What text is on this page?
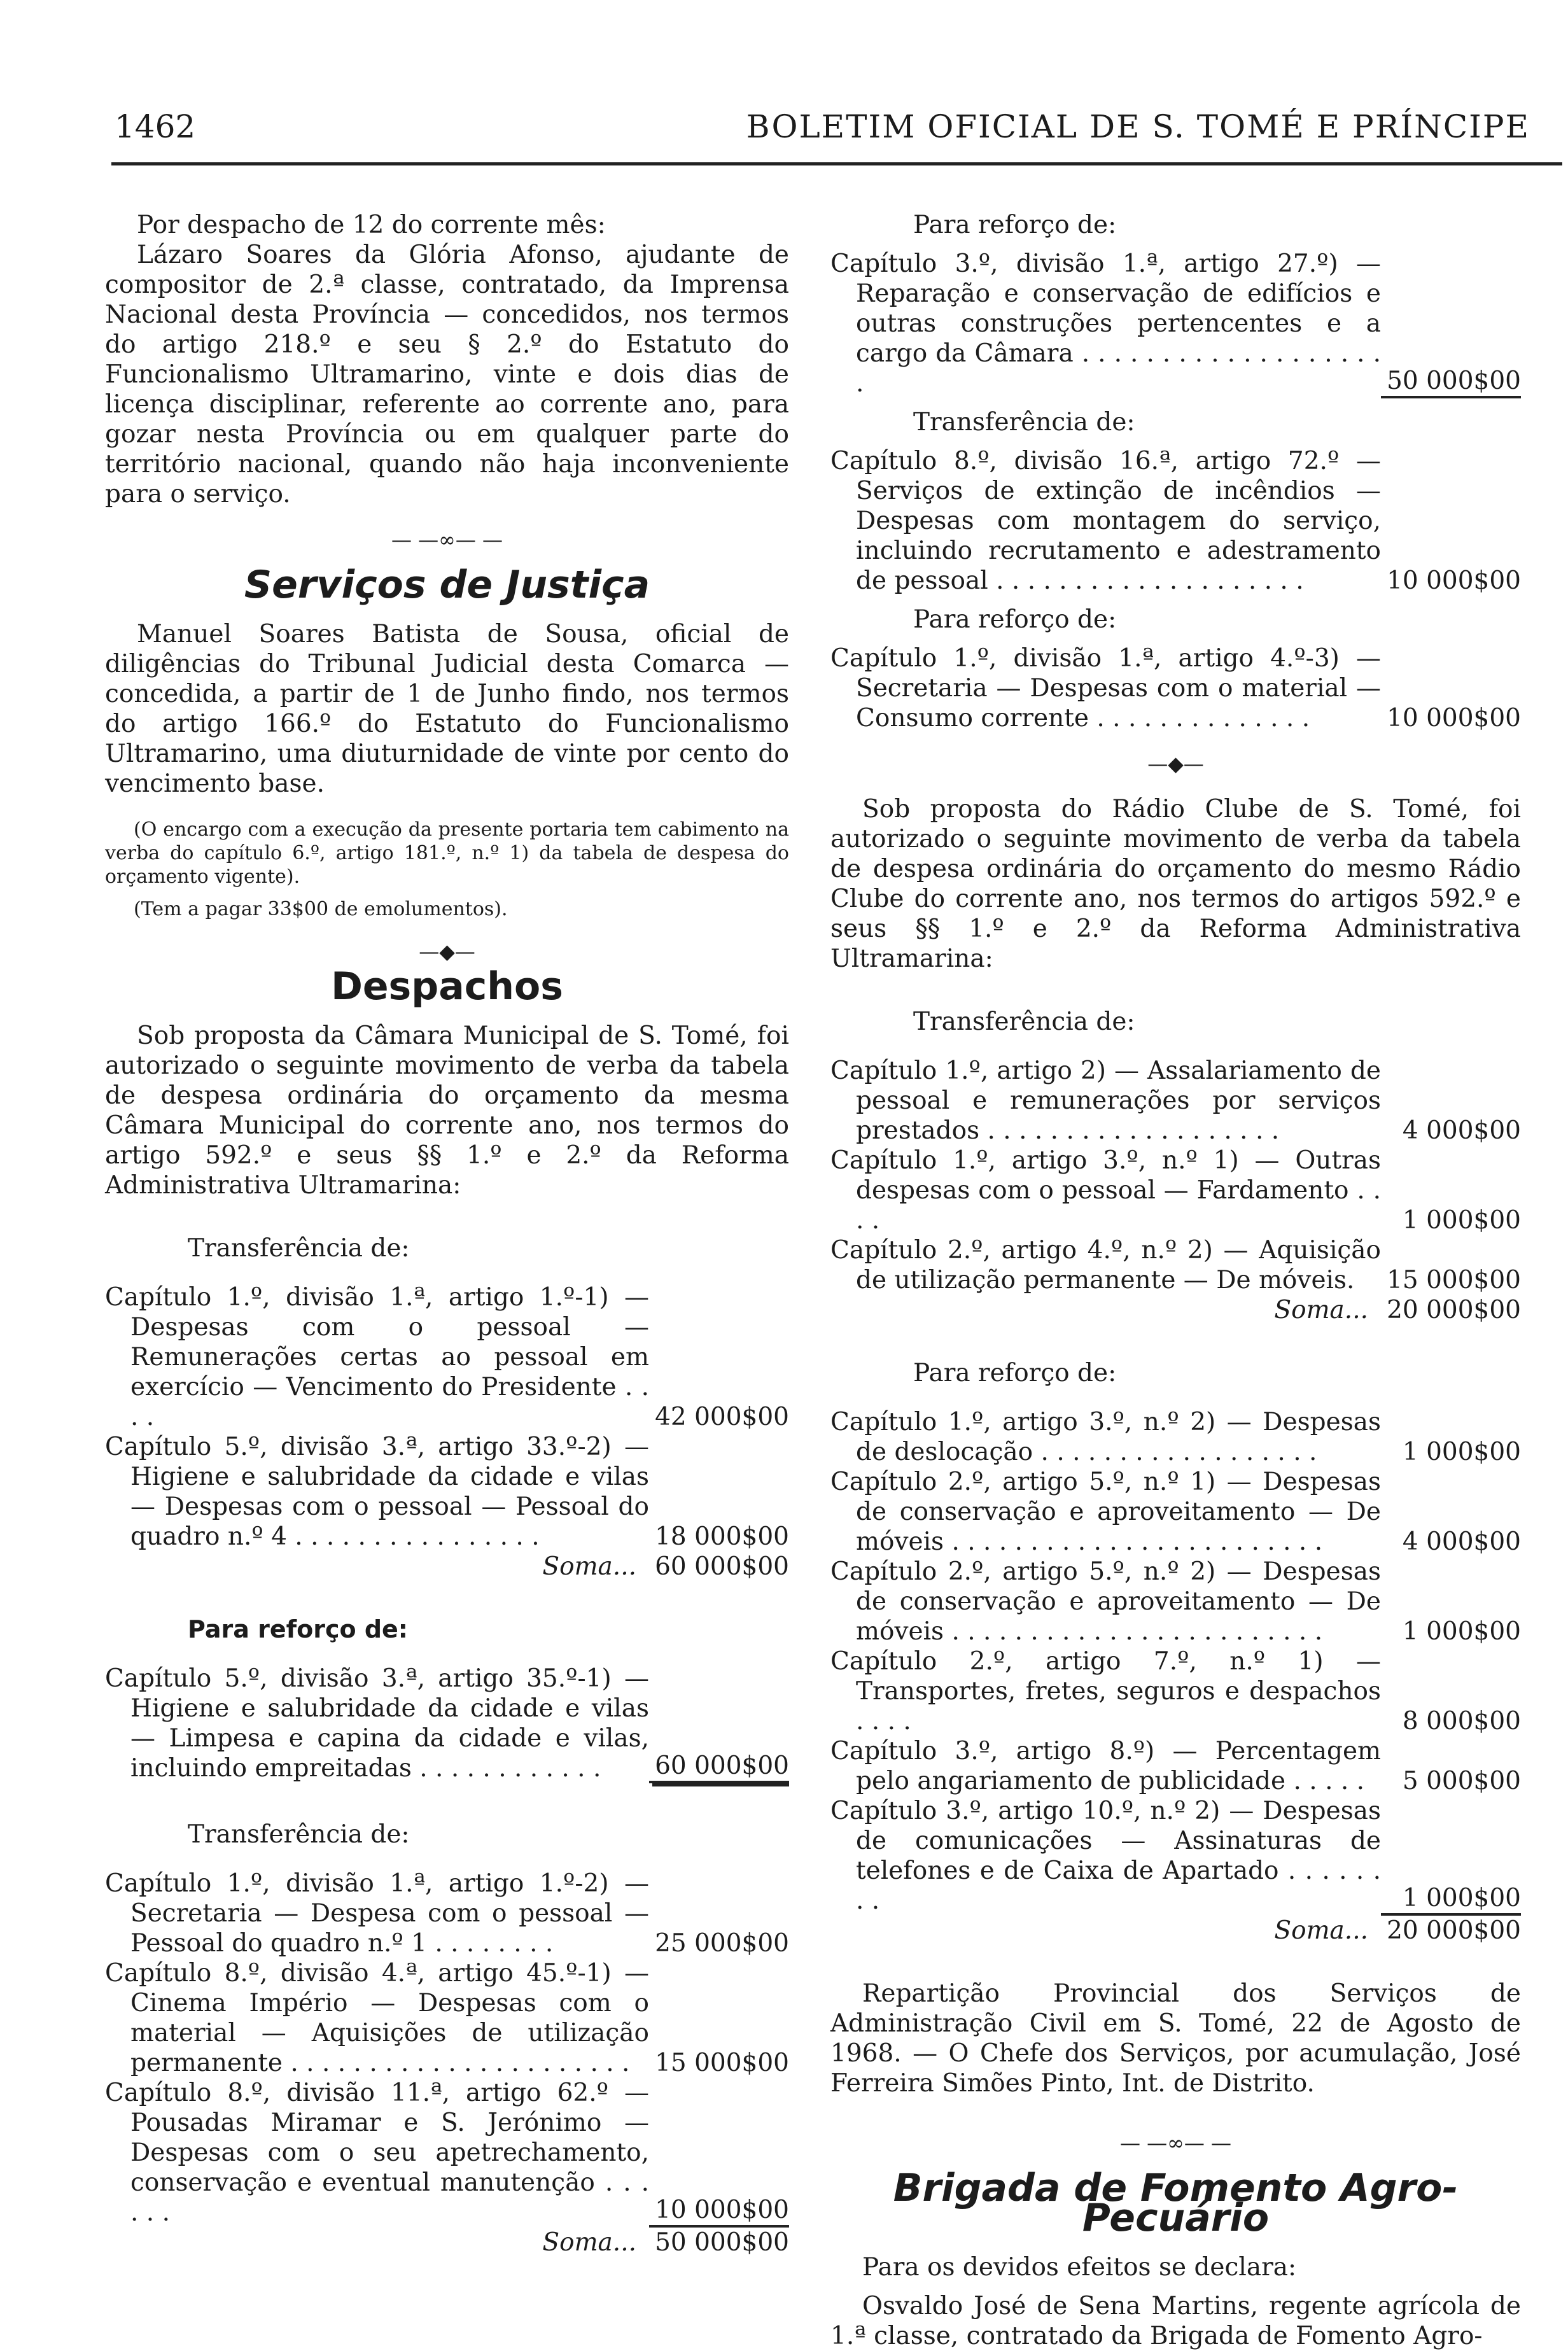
1462	BOLETIM OFICIAL DE S. TOMÉ E PRÍNCIPE

Por despacho de 12 do corrente mês:

Lázaro Soares da Glória Afonso, ajudante de compositor de 2.ª classe, contratado, da Imprensa Nacional desta Província — concedidos, nos termos do artigo 218.º e seu § 2.º do Estatuto do Funcionalismo Ultramarino, vinte e dois dias de licença disciplinar, referente ao corrente ano, para gozar nesta Província ou em qualquer parte do território nacional, quando não haja inconveniente para o serviço.

— —∞— —
Serviços de Justiça

Manuel Soares Batista de Sousa, oficial de diligências do Tribunal Judicial desta Comarca — concedida, a partir de 1 de Junho findo, nos termos do artigo 166.º do Estatuto do Funcionalismo Ultramarino, uma diuturnidade de vinte por cento do vencimento base.

(O encargo com a execução da presente portaria tem cabimento na verba do capítulo 6.º, artigo 181.º, n.º 1) da tabela de despesa do orçamento vigente).

(Tem a pagar 33$00 de emolumentos).

—◆—
Despachos

Sob proposta da Câmara Municipal de S. Tomé, foi autorizado o seguinte movimento de verba da tabela de despesa ordinária do orçamento da mesma Câmara Municipal do corrente ano, nos termos do artigo 592.º e seus §§ 1.º e 2.º da Reforma Administrativa Ultramarina:

Transferência de:

Capítulo 1.º, divisão 1.ª, artigo 1.º-1) — Despesas com o pessoal — Remunerações certas ao pessoal em exercício — Vencimento do Presidente . . . .	42 000$00
Capítulo 5.º, divisão 3.ª, artigo 33.º-2) — Higiene e salubridade da cidade e vilas — Despesas com o pessoal — Pessoal do quadro n.º 4 . . . . . . . . . . . . . . . .	18 000$00
Soma... 60 000$00

Para reforço de:

Capítulo 5.º, divisão 3.ª, artigo 35.º-1) — Higiene e salubridade da cidade e vilas — Limpesa e capina da cidade e vilas, incluindo empreitadas . . . . . . . . . . . .	60 000$00

Transferência de:

Capítulo 1.º, divisão 1.ª, artigo 1.º-2) — Secretaria — Despesa com o pessoal — Pessoal do quadro n.º 1 . . . . . . . .	25 000$00
Capítulo 8.º, divisão 4.ª, artigo 45.º-1) — Cinema Império — Despesas com o material — Aquisições de utilização permanente . . . . . . . . . . . . . . . . . . . . . .	15 000$00
Capítulo 8.º, divisão 11.ª, artigo 62.º — Pousadas Miramar e S. Jerónimo — Despesas com o seu apetrechamento, conservação e eventual manutenção . . . . . .	10 000$00
Soma... 50 000$00

Para reforço de:

Capítulo 3.º, divisão 1.ª, artigo 27.º) — Reparação e conservação de edifícios e outras construções pertencentes e a cargo da Câmara . . . . . . . . . . . . . . . . . . . .	50 000$00

Transferência de:

Capítulo 8.º, divisão 16.ª, artigo 72.º — Serviços de extinção de incêndios — Despesas com montagem do serviço, incluindo recrutamento e adestramento de pessoal . . . . . . . . . . . . . . . . . . . .	10 000$00

Para reforço de:

Capítulo 1.º, divisão 1.ª, artigo 4.º-3) — Secretaria — Despesas com o material — Consumo corrente . . . . . . . . . . . . . .	10 000$00
—◆—

Sob proposta do Rádio Clube de S. Tomé, foi autorizado o seguinte movimento de verba da tabela de despesa ordinária do orçamento do mesmo Rádio Clube do corrente ano, nos termos do artigos 592.º e seus §§ 1.º e 2.º da Reforma Administrativa Ultramarina:

Transferência de:

Capítulo 1.º, artigo 2) — Assalariamento de pessoal e remunerações por serviços prestados . . . . . . . . . . . . . . . . . . .	4 000$00
Capítulo 1.º, artigo 3.º, n.º 1) — Outras despesas com o pessoal — Fardamento . . . .	1 000$00
Capítulo 2.º, artigo 4.º, n.º 2) — Aquisição de utilização permanente — De móveis.	15 000$00
Soma... 20 000$00

Para reforço de:

Capítulo 1.º, artigo 3.º, n.º 2) — Despesas de deslocação . . . . . . . . . . . . . . . . . .	1 000$00
Capítulo 2.º, artigo 5.º, n.º 1) — Despesas de conservação e aproveitamento — De móveis . . . . . . . . . . . . . . . . . . . . . . . .	4 000$00
Capítulo 2.º, artigo 5.º, n.º 2) — Despesas de conservação e aproveitamento — De móveis . . . . . . . . . . . . . . . . . . . . . . . .	1 000$00
Capítulo 2.º, artigo 7.º, n.º 1) — Transportes, fretes, seguros e despachos . . . .	8 000$00
Capítulo 3.º, artigo 8.º) — Percentagem pelo angariamento de publicidade . . . . .	5 000$00
Capítulo 3.º, artigo 10.º, n.º 2) — Despesas de comunicações — Assinaturas de telefones e de Caixa de Apartado . . . . . . . .	1 000$00
Soma... 20 000$00

Repartição Provincial dos Serviços de Administração Civil em S. Tomé, 22 de Agosto de 1968. — O Chefe dos Serviços, por acumulação, José Ferreira Simões Pinto, Int. de Distrito.

— —∞— —
Brigada de Fomento Agro-Pecuário

Para os devidos efeitos se declara:

Osvaldo José de Sena Martins, regente agrícola de 1.ª classe, contratado da Brigada de Fomento Agro-
